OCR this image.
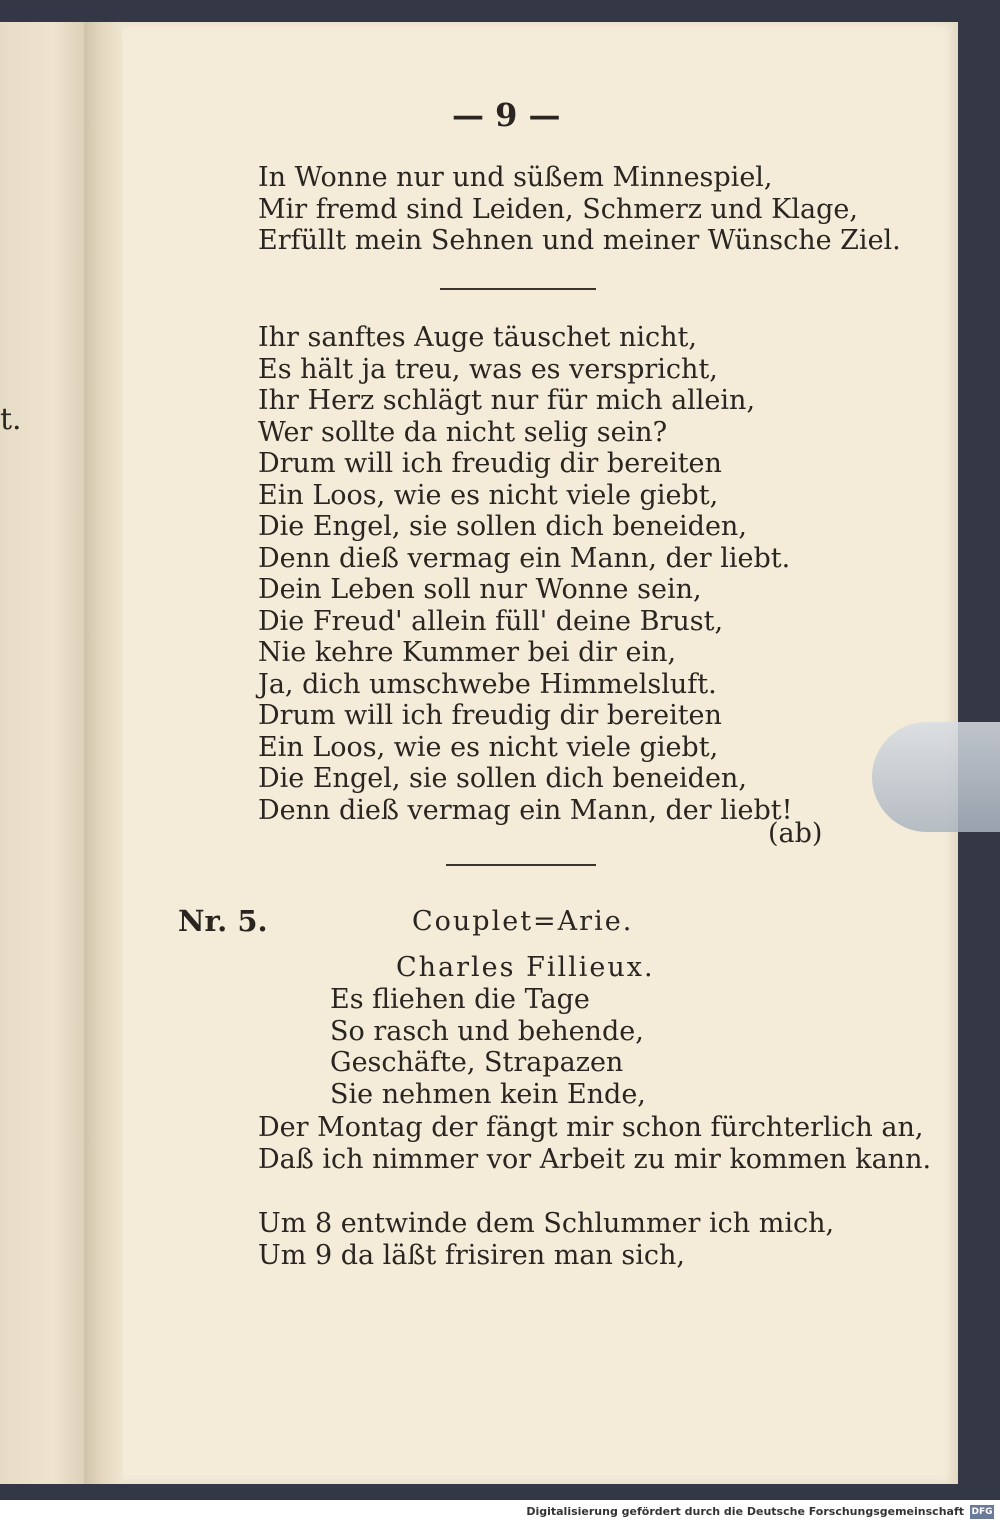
t.
— 9 —
In Wonne nur und süßem Minnespiel,
Mir fremd sind Leiden, Schmerz und Klage,
Erfüllt mein Sehnen und meiner Wünsche Ziel.
Ihr sanftes Auge täuschet nicht,
Es hält ja treu, was es verspricht,
Ihr Herz schlägt nur für mich allein,
Wer sollte da nicht selig sein?
Drum will ich freudig dir bereiten
Ein Loos, wie es nicht viele giebt,
Die Engel, sie sollen dich beneiden,
Denn dieß vermag ein Mann, der liebt.
Dein Leben soll nur Wonne sein,
Die Freud' allein füll' deine Brust,
Nie kehre Kummer bei dir ein,
Ja, dich umschwebe Himmelsluft.
Drum will ich freudig dir bereiten
Ein Loos, wie es nicht viele giebt,
Die Engel, sie sollen dich beneiden,
Denn dieß vermag ein Mann, der liebt!
(ab)
Nr. 5.	Couplet=Arie.
Charles Fillieux.
Es fliehen die Tage
So rasch und behende,
Geschäfte, Strapazen
Sie nehmen kein Ende,
Der Montag der fängt mir schon fürchterlich an,
Daß ich nimmer vor Arbeit zu mir kommen kann.
Um 8 entwinde dem Schlummer ich mich,
Um 9 da läßt frisiren man sich,
Digitalisierung gefördert durch die Deutsche Forschungsgemeinschaft DFG
